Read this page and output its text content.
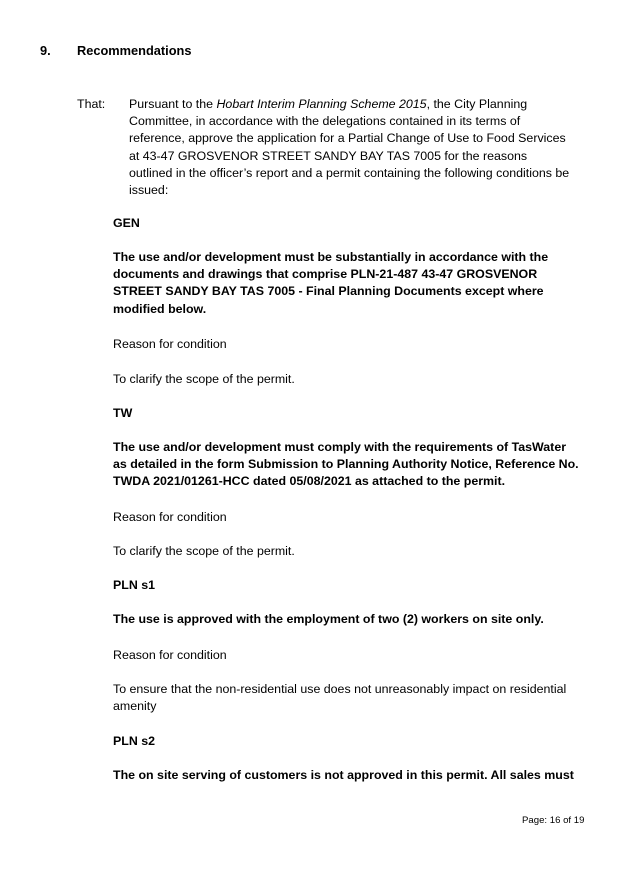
9. Recommendations
That: Pursuant to the Hobart Interim Planning Scheme 2015, the City Planning Committee, in accordance with the delegations contained in its terms of reference, approve the application for a Partial Change of Use to Food Services at 43-47 GROSVENOR STREET SANDY BAY TAS 7005 for the reasons outlined in the officer’s report and a permit containing the following conditions be issued:
GEN
The use and/or development must be substantially in accordance with the documents and drawings that comprise PLN-21-487 43-47 GROSVENOR STREET SANDY BAY TAS 7005 - Final Planning Documents except where modified below.
Reason for condition
To clarify the scope of the permit.
TW
The use and/or development must comply with the requirements of TasWater as detailed in the form Submission to Planning Authority Notice, Reference No. TWDA 2021/01261-HCC dated 05/08/2021 as attached to the permit.
Reason for condition
To clarify the scope of the permit.
PLN s1
The use is approved with the employment of two (2) workers on site only.
Reason for condition
To ensure that the non-residential use does not unreasonably impact on residential amenity
PLN s2
The on site serving of customers is not approved in this permit. All sales must
Page: 16 of 19
